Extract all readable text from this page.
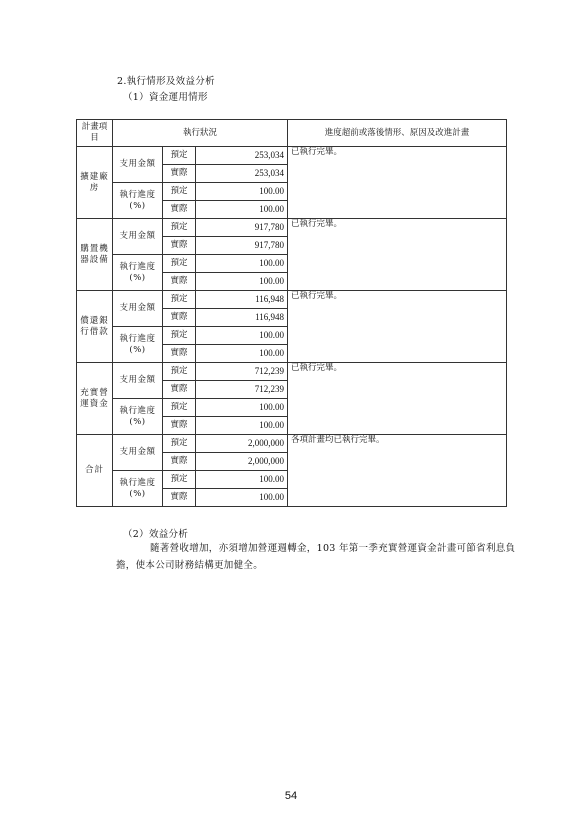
2.執行情形及效益分析
（1）資金運用情形
計畫項目	執行狀況			進度超前或落後情形、原因及改進計畫
擴建廠房	支用金額	預定	253,034	已執行完畢。
		實際	253,034	
	執行進度(%)	預定	100.00	
		實際	100.00	
購置機器設備	支用金額	預定	917,780	已執行完畢。
		實際	917,780	
	執行進度(%)	預定	100.00	
		實際	100.00	
償還銀行借款	支用金額	預定	116,948	已執行完畢。
		實際	116,948	
	執行進度(%)	預定	100.00	
		實際	100.00	
充實營運資金	支用金額	預定	712,239	已執行完畢。
		實際	712,239	
	執行進度(%)	預定	100.00	
		實際	100.00	
合計	支用金額	預定	2,000,000	各項計畫均已執行完畢。
		實際	2,000,000	
	執行進度(%)	預定	100.00	
		實際	100.00	
（2）效益分析
隨著營收增加，亦須增加營運週轉金，103 年第一季充實營運資金計畫可節省利息負擔，使本公司財務結構更加健全。
54
